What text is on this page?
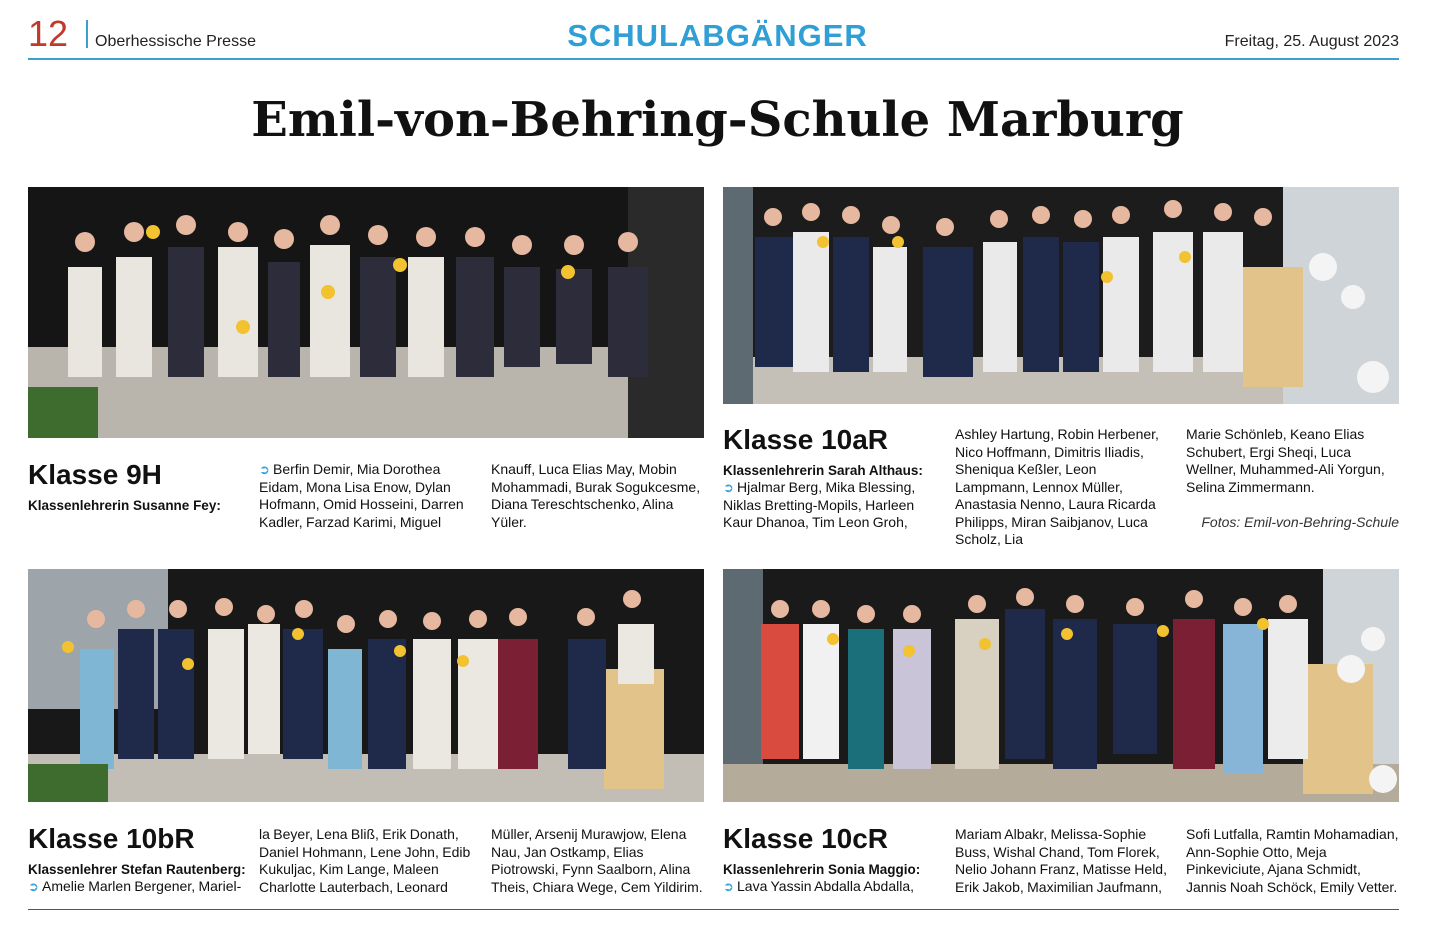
12 Oberhessische Presse	SCHULABGÄNGER	Freitag, 25. August 2023
Emil-von-Behring-Schule Marburg
Klasse 9H
Klassenlehrerin Susanne Fey:
➲ Berfin Demir, Mia Dorothea Eidam, Mona Lisa Enow, Dylan Hofmann, Omid Hosseini, Darren Kadler, Farzad Karimi, Miguel
Knauff, Luca Elias May, Mobin Mohammadi, Burak Sogukcesme, Diana Tereschtschenko, Alina Yüler.
Klasse 10aR
Klassenlehrerin Sarah Althaus:
➲ Hjalmar Berg, Mika Blessing, Niklas Bretting-Mopils, Harleen Kaur Dhanoa, Tim Leon Groh,
Ashley Hartung, Robin Herbener, Nico Hoffmann, Dimitris Iliadis, Sheniqua Keßler, Leon Lampmann, Lennox Müller, Anastasia Nenno, Laura Ricarda Philipps, Miran Saibjanov, Luca Scholz, Lia
Marie Schönleb, Keano Elias Schubert, Ergi Sheqi, Luca Wellner, Muhammed-Ali Yorgun, Selina Zimmermann.
Fotos: Emil-von-Behring-Schule
Klasse 10bR
Klassenlehrer Stefan Rautenberg:
➲ Amelie Marlen Bergener, Mariel-
la Beyer, Lena Bliß, Erik Donath, Daniel Hohmann, Lene John, Edib Kukuljac, Kim Lange, Maleen Charlotte Lauterbach, Leonard
Müller, Arsenij Murawjow, Elena Nau, Jan Ostkamp, Elias Piotrowski, Fynn Saalborn, Alina Theis, Chiara Wege, Cem Yildirim.
Klasse 10cR
Klassenlehrerin Sonia Maggio:
➲ Lava Yassin Abdalla Abdalla,
Mariam Albakr, Melissa-Sophie Buss, Wishal Chand, Tom Florek, Nelio Johann Franz, Matisse Held, Erik Jakob, Maximilian Jaufmann,
Sofi Lutfalla, Ramtin Mohamadian, Ann-Sophie Otto, Meja Pinkeviciute, Ajana Schmidt, Jannis Noah Schöck, Emily Vetter.
